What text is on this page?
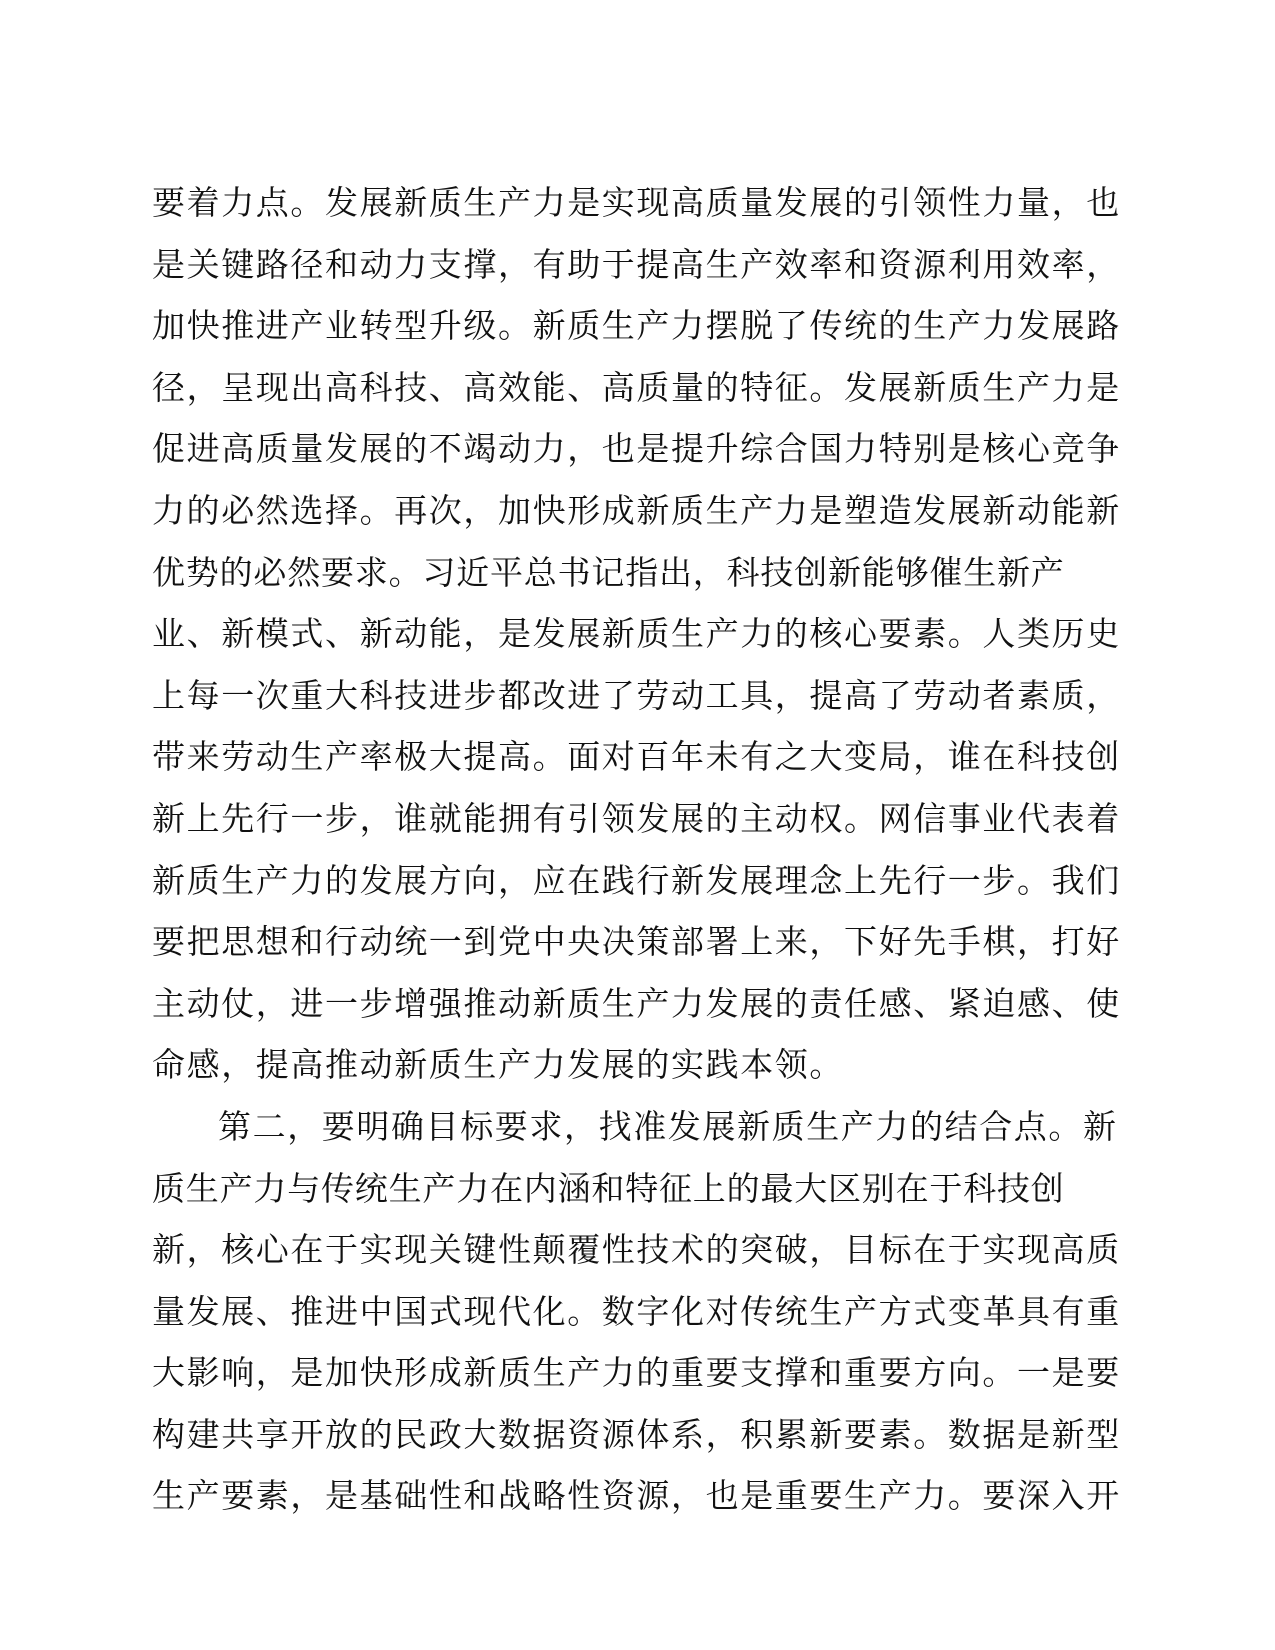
要着力点。发展新质生产力是实现高质量发展的引领性力量，也
是关键路径和动力支撑，有助于提高生产效率和资源利用效率，
加快推进产业转型升级。新质生产力摆脱了传统的生产力发展路
径，呈现出高科技、高效能、高质量的特征。发展新质生产力是
促进高质量发展的不竭动力，也是提升综合国力特别是核心竞争
力的必然选择。再次，加快形成新质生产力是塑造发展新动能新
优势的必然要求。习近平总书记指出，科技创新能够催生新产
业、新模式、新动能，是发展新质生产力的核心要素。人类历史
上每一次重大科技进步都改进了劳动工具，提高了劳动者素质，
带来劳动生产率极大提高。面对百年未有之大变局，谁在科技创
新上先行一步，谁就能拥有引领发展的主动权。网信事业代表着
新质生产力的发展方向，应在践行新发展理念上先行一步。我们
要把思想和行动统一到党中央决策部署上来，下好先手棋，打好
主动仗，进一步增强推动新质生产力发展的责任感、紧迫感、使
命感，提高推动新质生产力发展的实践本领。
第二，要明确目标要求，找准发展新质生产力的结合点。新
质生产力与传统生产力在内涵和特征上的最大区别在于科技创
新，核心在于实现关键性颠覆性技术的突破，目标在于实现高质
量发展、推进中国式现代化。数字化对传统生产方式变革具有重
大影响，是加快形成新质生产力的重要支撑和重要方向。一是要
构建共享开放的民政大数据资源体系，积累新要素。数据是新型
生产要素，是基础性和战略性资源，也是重要生产力。要深入开
